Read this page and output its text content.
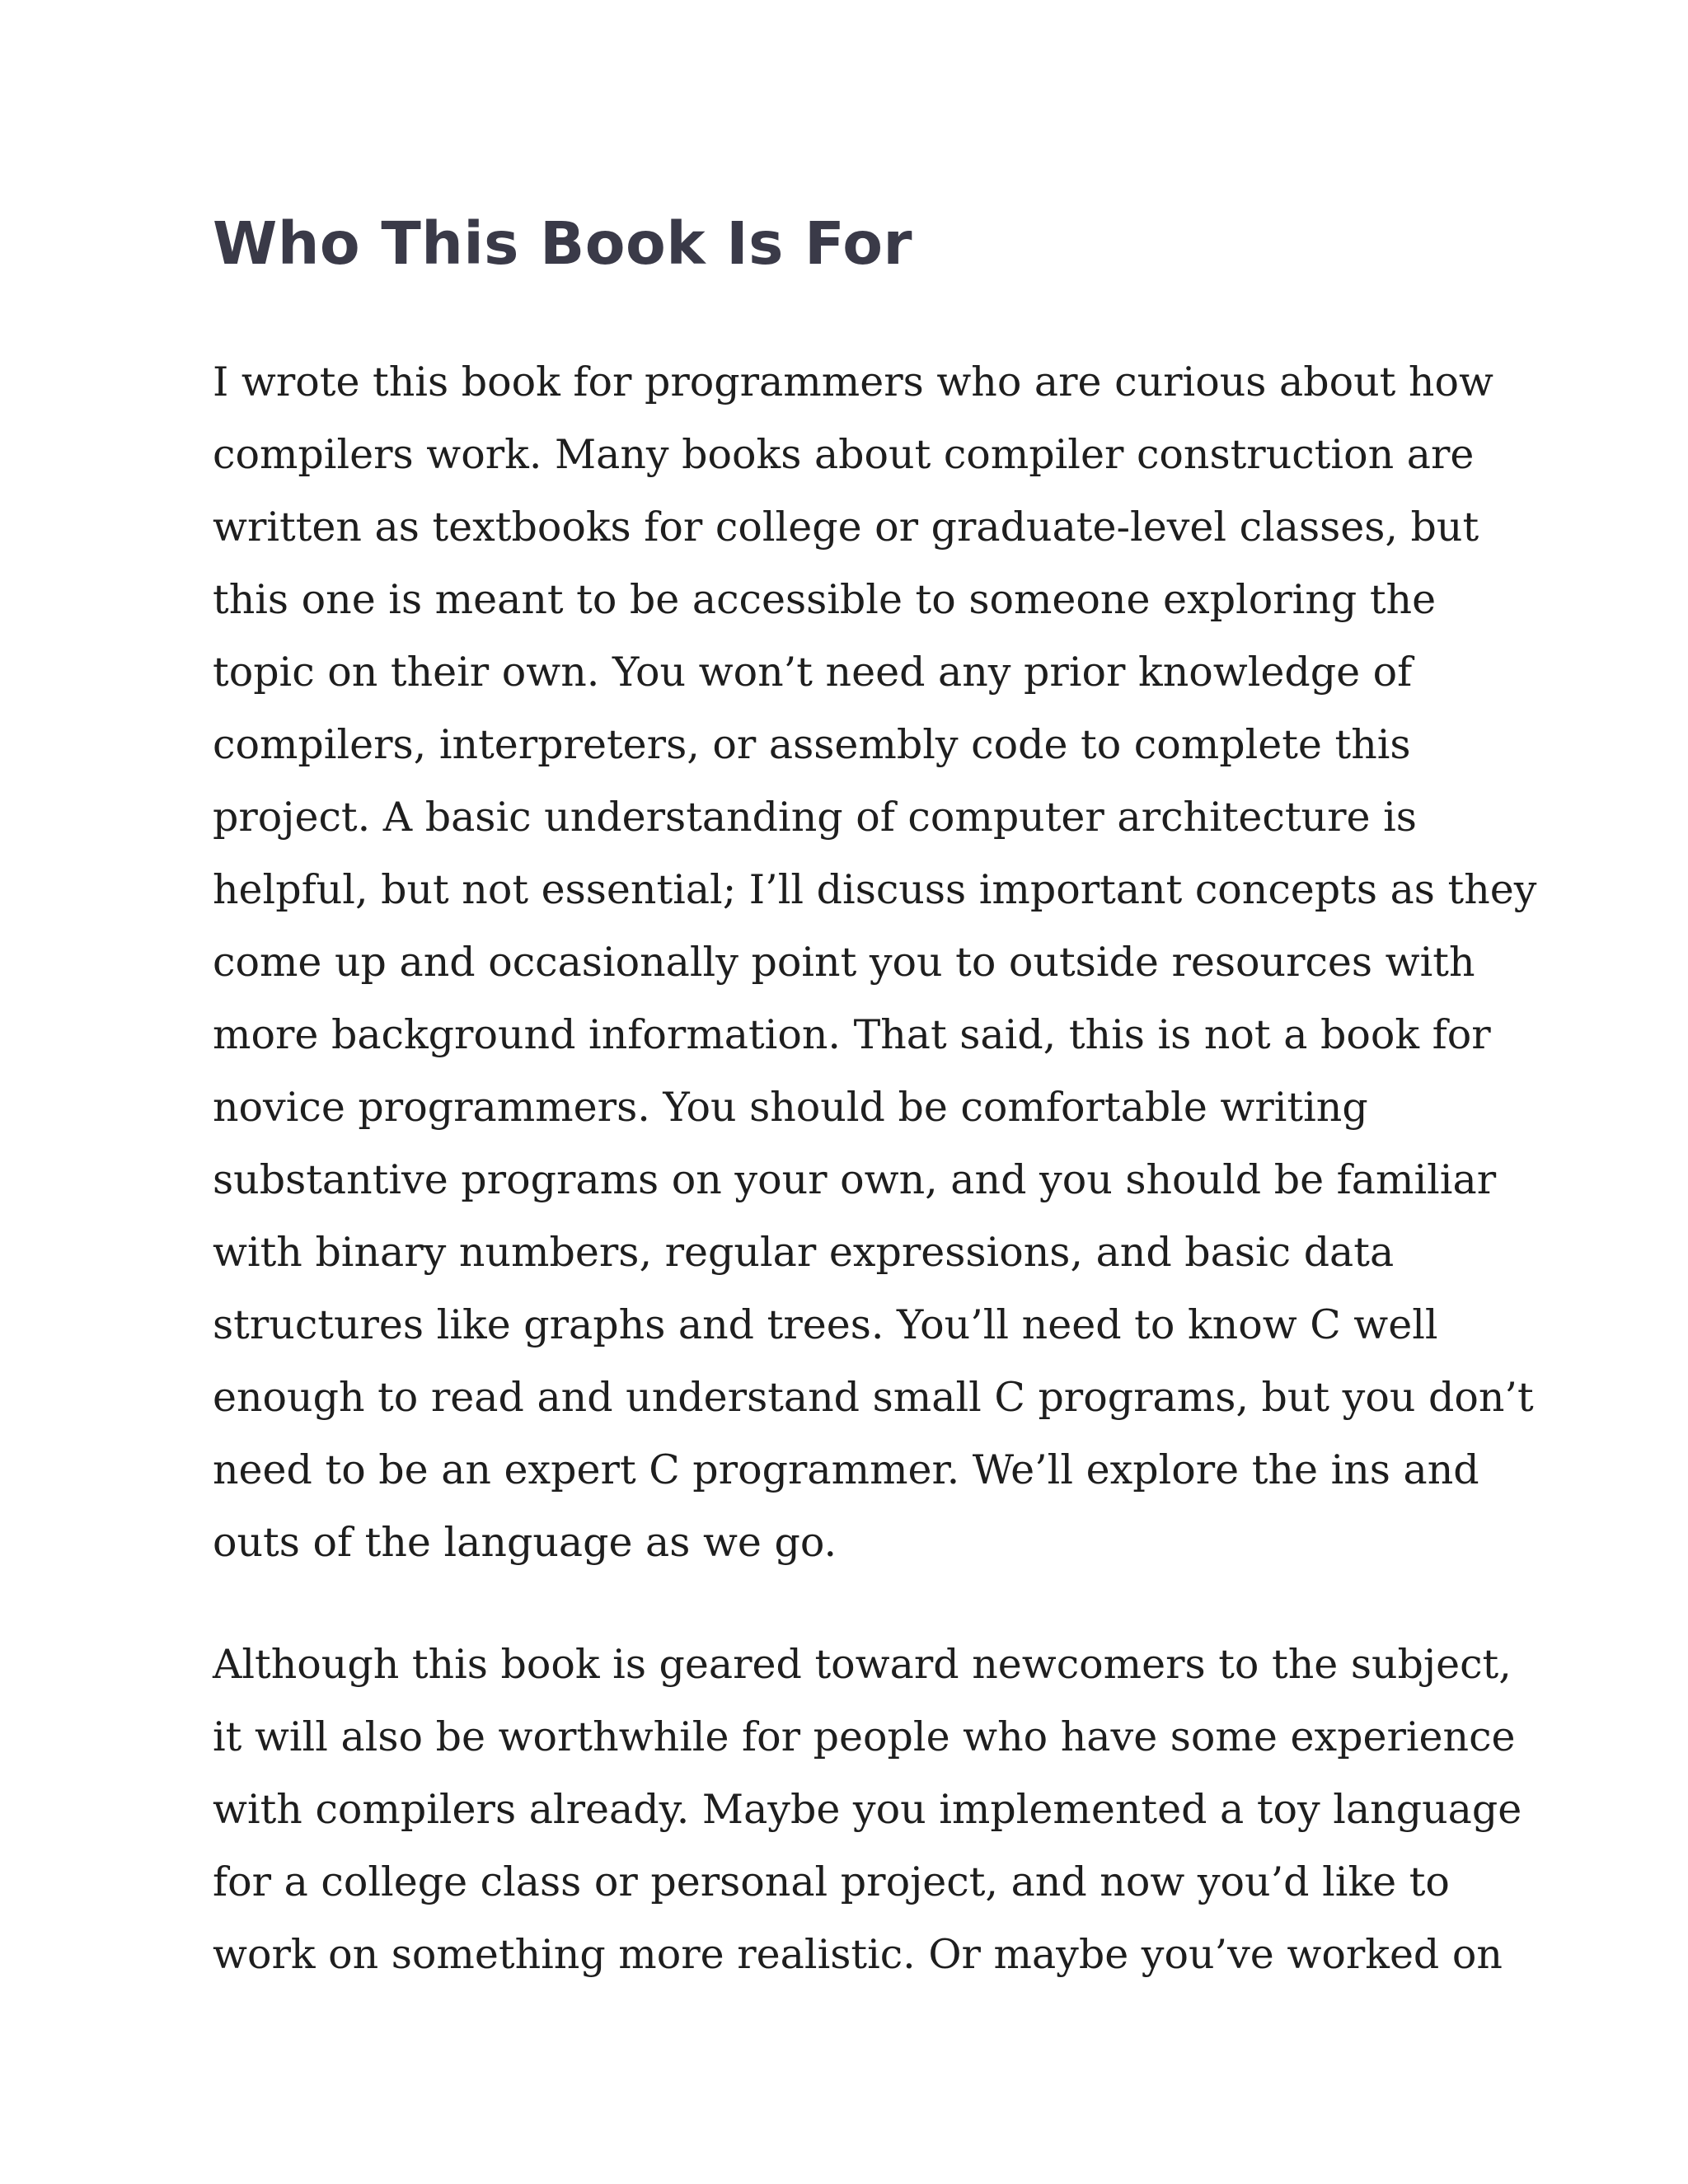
Who This Book Is For

I wrote this book for programmers who are curious about how
compilers work. Many books about compiler construction are
written as textbooks for college or graduate-level classes, but
this one is meant to be accessible to someone exploring the
topic on their own. You won’t need any prior knowledge of
compilers, interpreters, or assembly code to complete this
project. A basic understanding of computer architecture is
helpful, but not essential; I’ll discuss important concepts as they
come up and occasionally point you to outside resources with
more background information. That said, this is not a book for
novice programmers. You should be comfortable writing
substantive programs on your own, and you should be familiar
with binary numbers, regular expressions, and basic data
structures like graphs and trees. You’ll need to know C well
enough to read and understand small C programs, but you don’t
need to be an expert C programmer. We’ll explore the ins and
outs of the language as we go.

Although this book is geared toward newcomers to the subject,
it will also be worthwhile for people who have some experience
with compilers already. Maybe you implemented a toy language
for a college class or personal project, and now you’d like to
work on something more realistic. Or maybe you’ve worked on
